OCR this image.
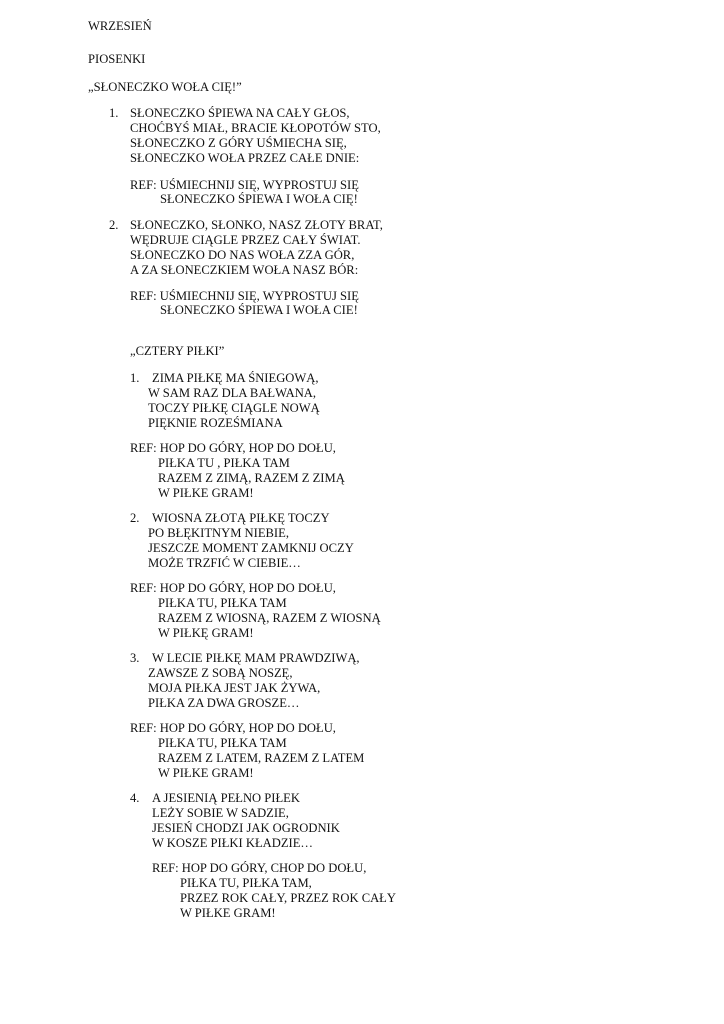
WRZESIEŃ

PIOSENKI

„SŁONECZKO WOŁA CIĘ!”

1. SŁONECZKO ŚPIEWA NA CAŁY GŁOS,

CHOĆBYŚ MIAŁ, BRACIE KŁOPOTÓW STO,

SŁONECZKO Z GÓRY UŚMIECHA SIĘ,

SŁONECZKO WOŁA PRZEZ CAŁE DNIE:

REF: UŚMIECHNIJ SIĘ, WYPROSTUJ SIĘ

SŁONECZKO ŚPIEWA I WOŁA CIĘ!

2. SŁONECZKO, SŁONKO, NASZ ZŁOTY BRAT,

WĘDRUJE CIĄGLE PRZEZ CAŁY ŚWIAT.

SŁONECZKO DO NAS WOŁA ZZA GÓR,

A ZA SŁONECZKIEM WOŁA NASZ BÓR:

REF: UŚMIECHNIJ SIĘ, WYPROSTUJ SIĘ

SŁONECZKO ŚPIEWA I WOŁA CIE!

„CZTERY PIŁKI”

1. ZIMA PIŁKĘ MA ŚNIEGOWĄ,

W SAM RAZ DLA BAŁWANA,

TOCZY PIŁKĘ CIĄGLE NOWĄ

PIĘKNIE ROZEŚMIANA

REF: HOP DO GÓRY, HOP DO DOŁU,

PIŁKA TU , PIŁKA TAM

RAZEM Z ZIMĄ, RAZEM Z ZIMĄ

W PIŁKE GRAM!

2. WIOSNA ZŁOTĄ PIŁKĘ TOCZY

PO BŁĘKITNYM NIEBIE,

JESZCZE MOMENT ZAMKNIJ OCZY

MOŻE TRZFIĆ W CIEBIE…

REF: HOP DO GÓRY, HOP DO DOŁU,

PIŁKA TU, PIŁKA TAM

RAZEM Z WIOSNĄ, RAZEM Z WIOSNĄ

W PIŁKĘ GRAM!

3. W LECIE PIŁKĘ MAM PRAWDZIWĄ,

ZAWSZE Z SOBĄ NOSZĘ,

MOJA PIŁKA JEST JAK ŻYWA,

PIŁKA ZA DWA GROSZE…

REF: HOP DO GÓRY, HOP DO DOŁU,

PIŁKA TU, PIŁKA TAM

RAZEM Z LATEM, RAZEM Z LATEM

W PIŁKE GRAM!

4. A JESIENIĄ PEŁNO PIŁEK

LEŻY SOBIE W SADZIE,

JESIEŃ CHODZI JAK OGRODNIK

W KOSZE PIŁKI KŁADZIE…

REF: HOP DO GÓRY, CHOP DO DOŁU,

PIŁKA TU, PIŁKA TAM,

PRZEZ ROK CAŁY, PRZEZ ROK CAŁY

W PIŁKE GRAM!
